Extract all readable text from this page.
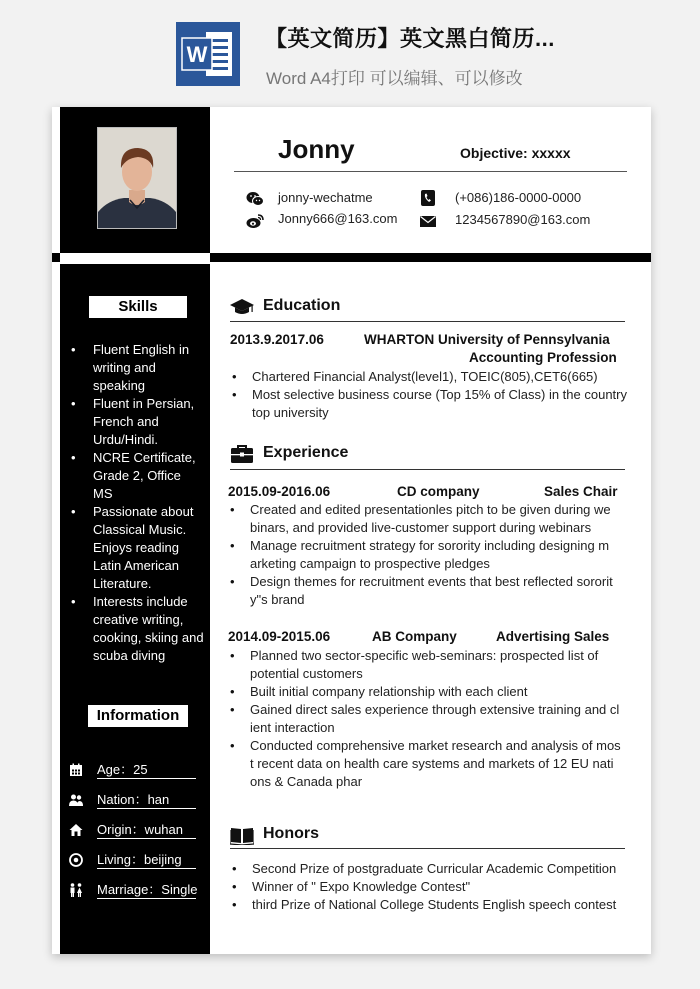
W
【英文简历】英文黑白简历...
Word A4打印 可以编辑、可以修改
Jonny	Objective: xxxxx
jonny-wechatme	(+086)186-0000-0000
Jonny666@163.com	1234567890@163.com
Skills
• Fluent English in writing and speaking
• Fluent in Persian, French and Urdu/Hindi.
• NCRE Certificate, Grade 2, Office MS
• Passionate about Classical Music. Enjoys reading Latin American Literature.
• Interests include creative writing, cooking, skiing and scuba diving
Information
Age：25
Nation：han
Origin：wuhan
Living：beijing
Marriage：Single
Education
2013.9.2017.06	WHARTON University of Pennsylvania
Accounting Profession
• Chartered Financial Analyst(level1), TOEIC(805),CET6(665)
• Most selective business course (Top 15% of Class) in the country top university
Experience
2015.09-2016.06	CD company	Sales Chair
• Created and edited presentationles pitch to be given during we binars, and provided live-customer support during webinars
• Manage recruitment strategy for sorority including designing m arketing campaign to prospective pledges
• Design themes for recruitment events that best reflected sororit y"s brand
2014.09-2015.06	AB Company	Advertising Sales
• Planned two sector-specific web-seminars: prospected list of potential customers
• Built initial company relationship with each client
• Gained direct sales experience through extensive training and cl ient interaction
• Conducted comprehensive market research and analysis of mos t recent data on health care systems and markets of 12 EU nati ons & Canada phar
Honors
• Second Prize of postgraduate Curricular Academic Competition
• Winner of " Expo Knowledge Contest"
• third Prize of National College Students English speech contest
